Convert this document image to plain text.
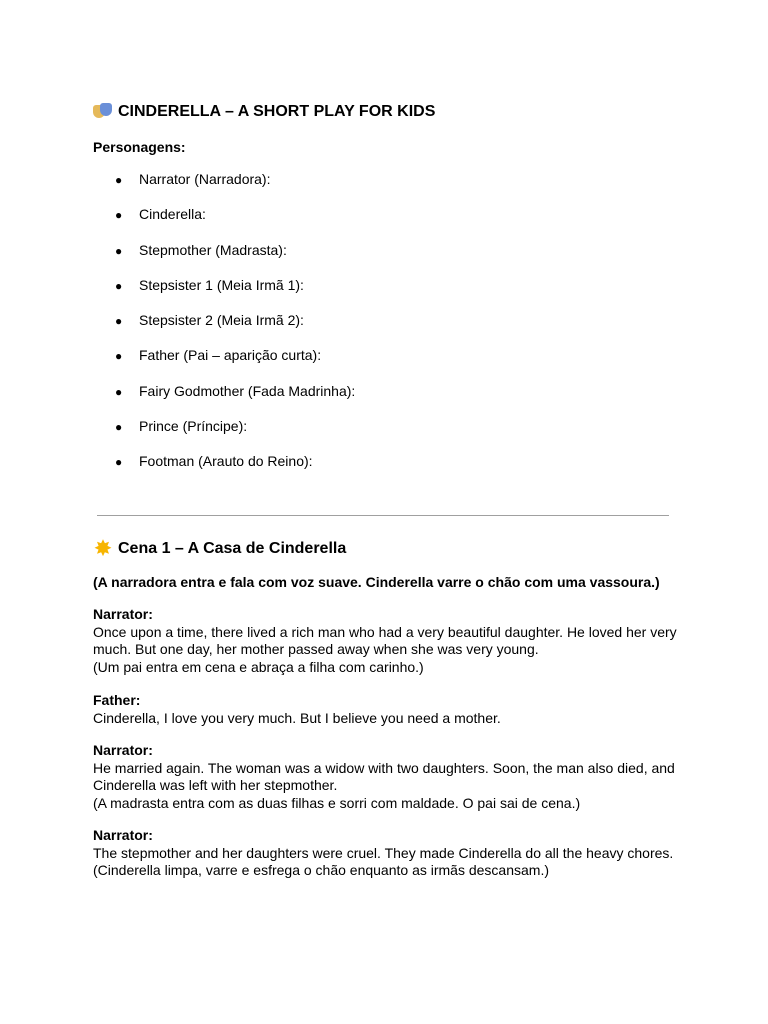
CINDERELLA – A SHORT PLAY FOR KIDS
Personagens:
●	Narrator (Narradora):
●	Cinderella:
●	Stepmother (Madrasta):
●	Stepsister 1 (Meia Irmã 1):
●	Stepsister 2 (Meia Irmã 2):
●	Father (Pai – aparição curta):
●	Fairy Godmother (Fada Madrinha):
●	Prince (Príncipe):
●	Footman (Arauto do Reino):
✸ Cena 1 – A Casa de Cinderella
(A narradora entra e fala com voz suave. Cinderella varre o chão com uma vassoura.)
Narrator:
Once upon a time, there lived a rich man who had a very beautiful daughter. He loved her very much. But one day, her mother passed away when she was very young.
(Um pai entra em cena e abraça a filha com carinho.)
Father:
Cinderella, I love you very much. But I believe you need a mother.
Narrator:
He married again. The woman was a widow with two daughters. Soon, the man also died, and Cinderella was left with her stepmother.
(A madrasta entra com as duas filhas e sorri com maldade. O pai sai de cena.)
Narrator:
The stepmother and her daughters were cruel. They made Cinderella do all the heavy chores.
(Cinderella limpa, varre e esfrega o chão enquanto as irmãs descansam.)
